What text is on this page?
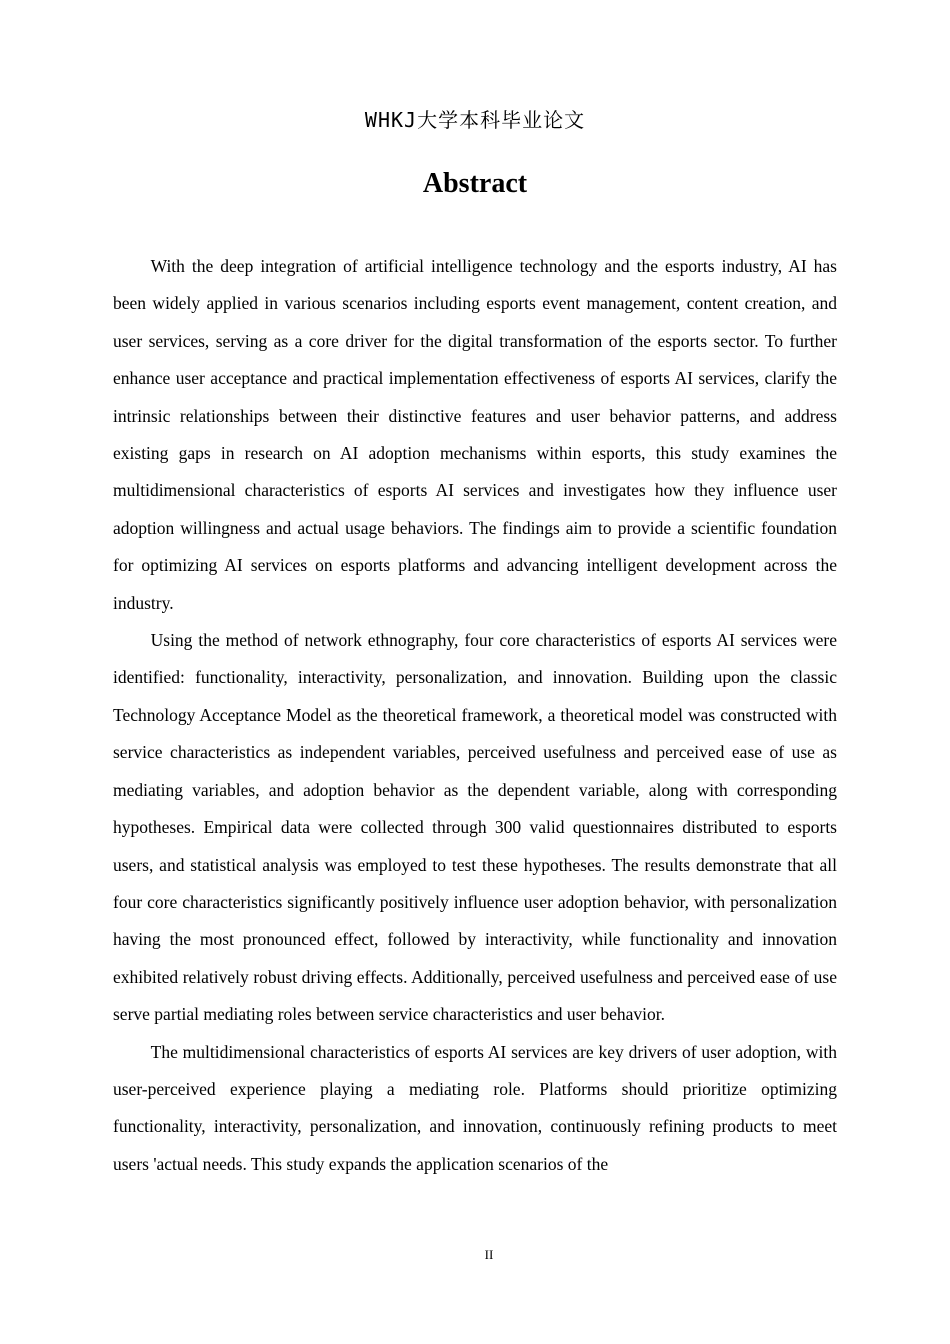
WHKJ大学本科毕业论文
Abstract

With the deep integration of artificial intelligence technology and the esports industry, AI has been widely applied in various scenarios including esports event management, content creation, and user services, serving as a core driver for the digital transformation of the esports sector. To further enhance user acceptance and practical implementation effectiveness of esports AI services, clarify the intrinsic relationships between their distinctive features and user behavior patterns, and address existing gaps in research on AI adoption mechanisms within esports, this study examines the multidimensional characteristics of esports AI services and investigates how they influence user adoption willingness and actual usage behaviors. The findings aim to provide a scientific foundation for optimizing AI services on esports platforms and advancing intelligent development across the industry.

Using the method of network ethnography, four core characteristics of esports AI services were identified: functionality, interactivity, personalization, and innovation. Building upon the classic Technology Acceptance Model as the theoretical framework, a theoretical model was constructed with service characteristics as independent variables, perceived usefulness and perceived ease of use as mediating variables, and adoption behavior as the dependent variable, along with corresponding hypotheses. Empirical data were collected through 300 valid questionnaires distributed to esports users, and statistical analysis was employed to test these hypotheses. The results demonstrate that all four core characteristics significantly positively influence user adoption behavior, with personalization having the most pronounced effect, followed by interactivity, while functionality and innovation exhibited relatively robust driving effects. Additionally, perceived usefulness and perceived ease of use serve partial mediating roles between service characteristics and user behavior.

The multidimensional characteristics of esports AI services are key drivers of user adoption, with user-perceived experience playing a mediating role. Platforms should prioritize optimizing functionality, interactivity, personalization, and innovation, continuously refining products to meet users 'actual needs. This study expands the application scenarios of the

II
